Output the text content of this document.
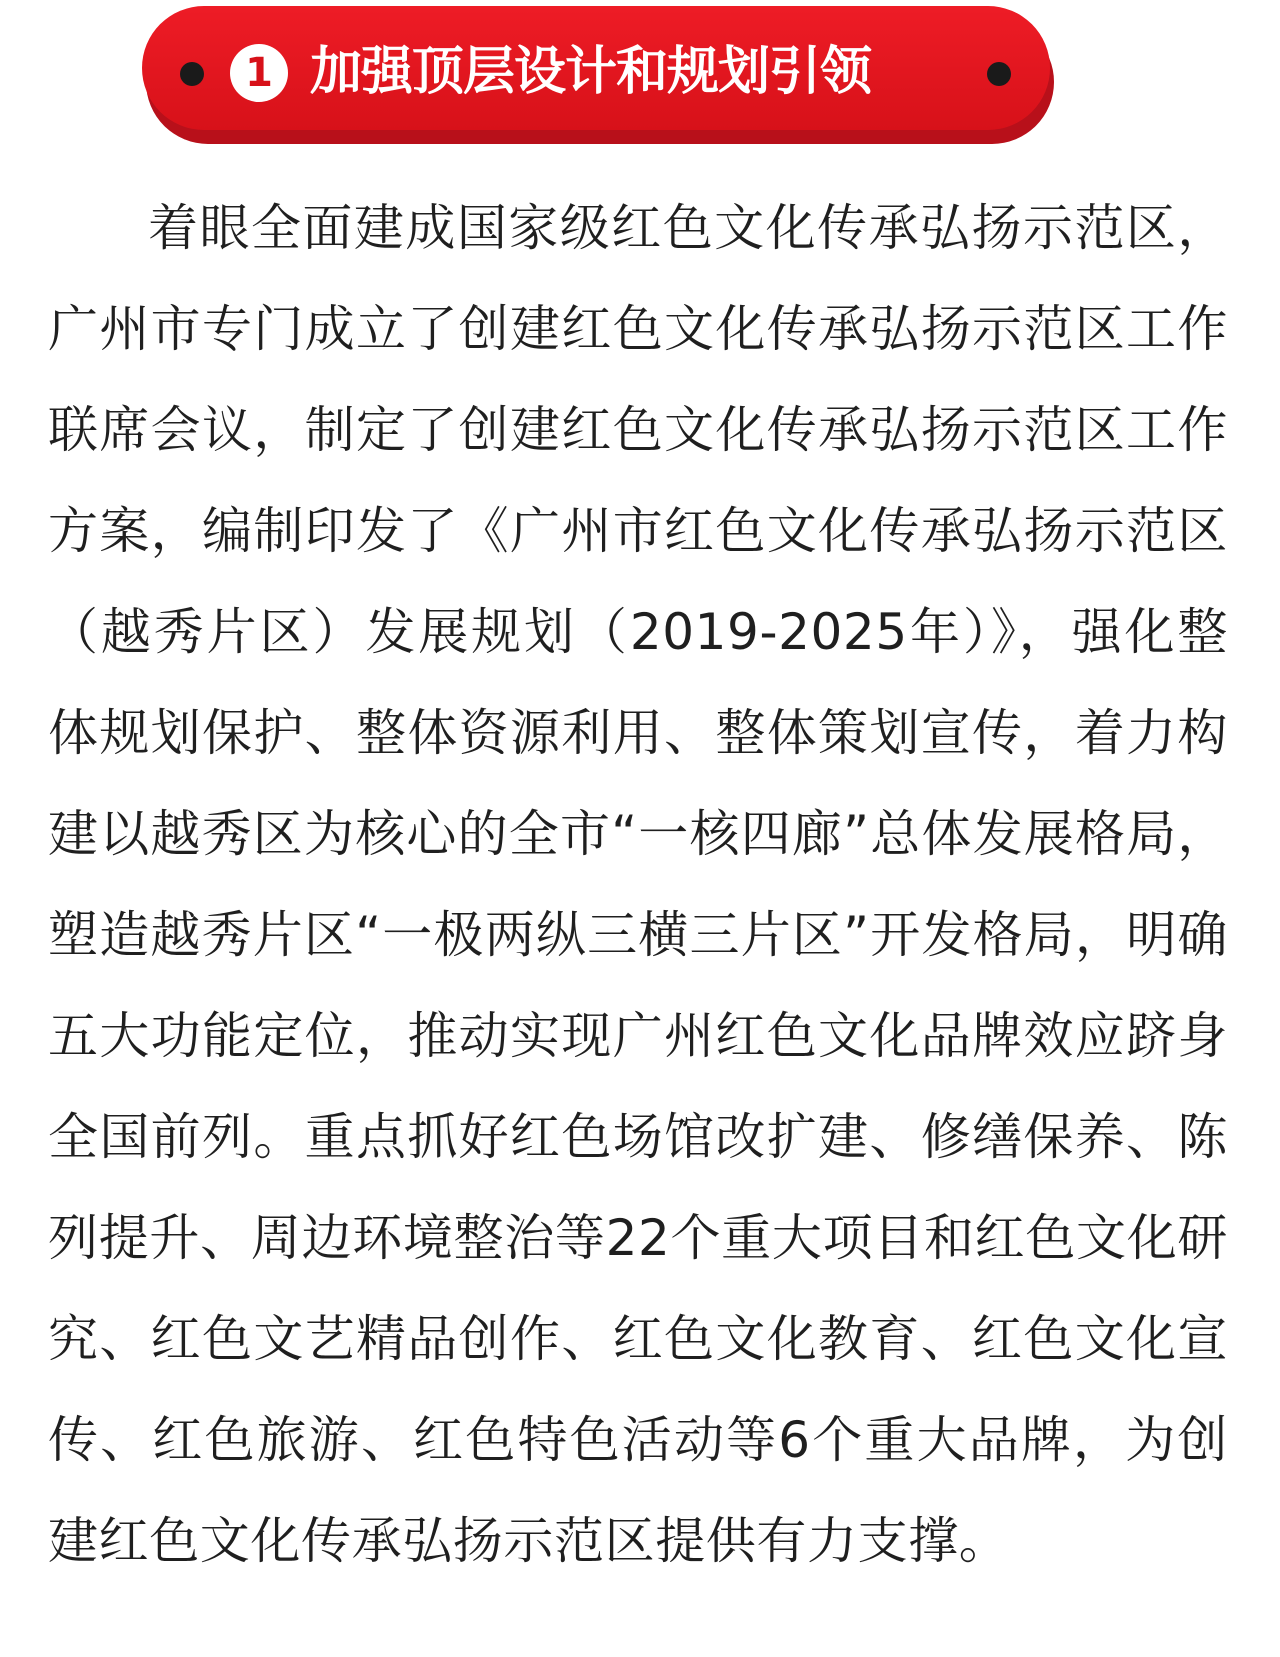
1 加强顶层设计和规划引领

着眼全面建成国家级红色文化传承弘扬示范区，广州市专门成立了创建红色文化传承弘扬示范区工作联席会议，制定了创建红色文化传承弘扬示范区工作方案，编制印发了《广州市红色文化传承弘扬示范区（越秀片区）发展规划（2019-2025年）》，强化整体规划保护、整体资源利用、整体策划宣传，着力构建以越秀区为核心的全市“一核四廊”总体发展格局，塑造越秀片区“一极两纵三横三片区”开发格局，明确五大功能定位，推动实现广州红色文化品牌效应跻身全国前列。重点抓好红色场馆改扩建、修缮保养、陈列提升、周边环境整治等22个重大项目和红色文化研究、红色文艺精品创作、红色文化教育、红色文化宣传、红色旅游、红色特色活动等6个重大品牌，为创建红色文化传承弘扬示范区提供有力支撑。
